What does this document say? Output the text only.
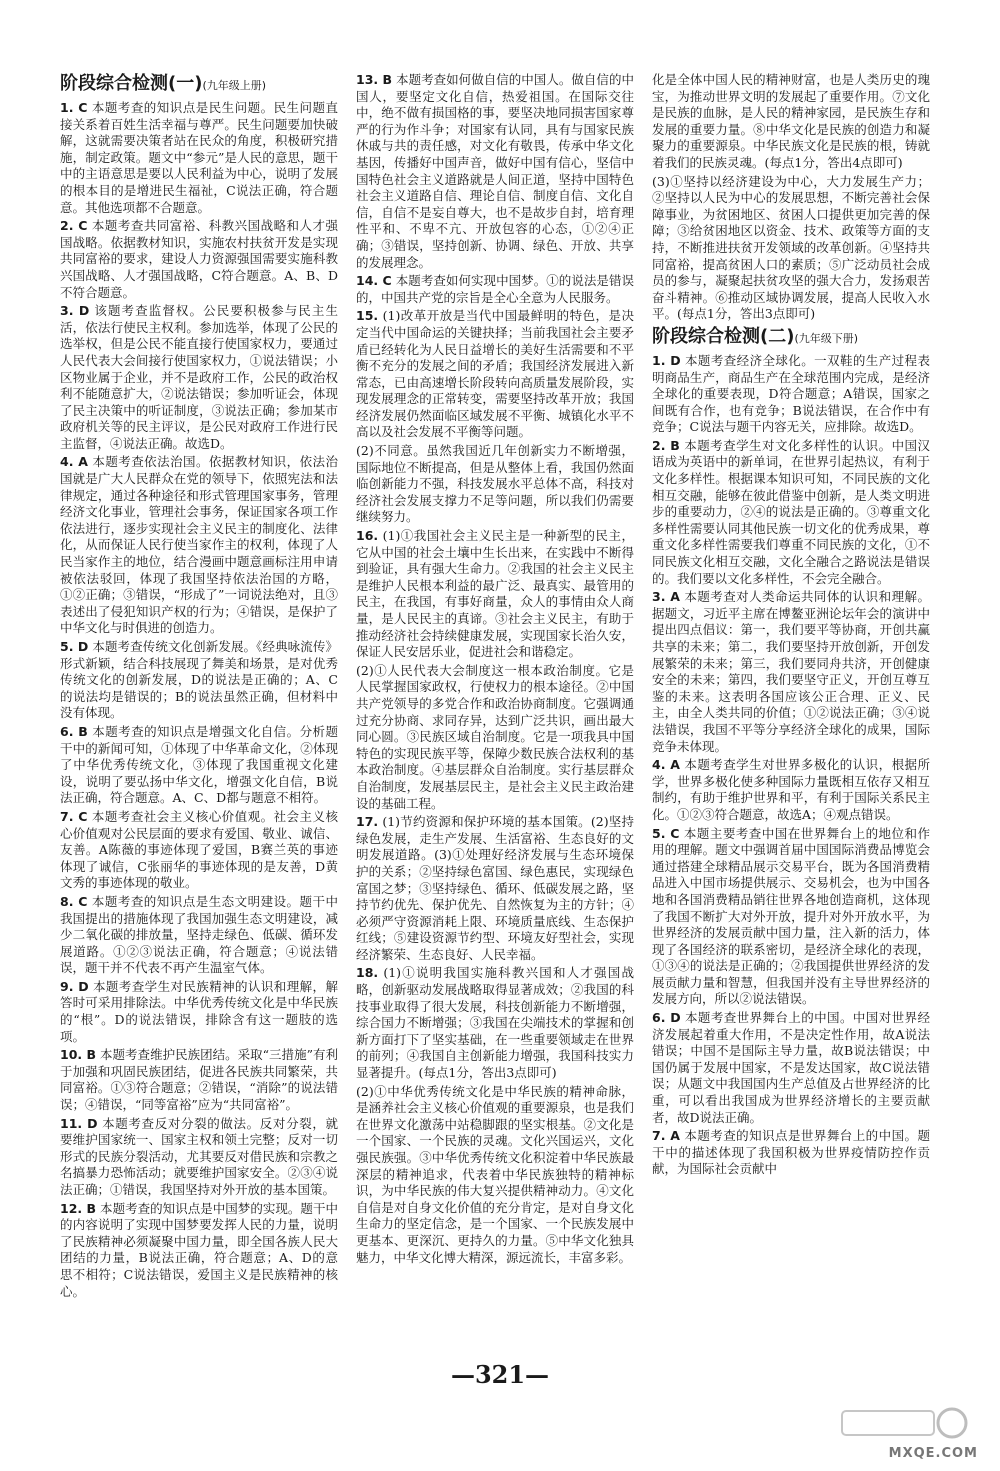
阶段综合检测(一)(九年级上册)
1. C 本题考查的知识点是民生问题。民生问题直接关系着百姓生活幸福与尊严。民生问题要加快破解，这就需要决策者站在民众的角度，积极研究措施，制定政策。题文中“参元”是人民的意思，题干中的主语意思是要以人民利益为中心，说明了发展的根本目的是增进民生福祉，C说法正确，符合题意。其他选项都不合题意。
2. C 本题考查共同富裕、科教兴国战略和人才强国战略。依据教材知识，实施农村扶贫开发是实现共同富裕的要求，建设人力资源强国需要实施科教兴国战略、人才强国战略，C符合题意。A、B、D不符合题意。
3. D 该题考查监督权。公民要积极参与民主生活，依法行使民主权利。参加选举，体现了公民的选举权，但是公民不能直接行使国家权力，要通过人民代表大会间接行使国家权力，①说法错误；小区物业属于企业，并不是政府工作，公民的政治权利不能随意扩大，②说法错误；参加听证会，体现了民主决策中的听证制度，③说法正确；参加某市政府机关等的民主评议，是公民对政府工作进行民主监督，④说法正确。故选D。
4. A 本题考查依法治国。依据教材知识，依法治国就是广大人民群众在党的领导下，依照宪法和法律规定，通过各种途径和形式管理国家事务，管理经济文化事业，管理社会事务，保证国家各项工作依法进行，逐步实现社会主义民主的制度化、法律化，从而保证人民行使当家作主的权利，体现了人民当家作主的地位，结合漫画中题意画标注用申请被依法驳回，体现了我国坚持依法治国的方略，①②正确；③错误，“形成了”一词说法绝对，且③表述出了侵犯知识产权的行为；④错误，是保护了中华文化与时俱进的创造力。
5. D 本题考查传统文化创新发展。《经典咏流传》形式新颖，结合科技展现了舞美和场景，是对优秀传统文化的创新发展，D的说法是正确的；A、C的说法均是错误的；B的说法虽然正确，但材料中没有体现。
6. B 本题考查的知识点是增强文化自信。分析题干中的新闻可知，①体现了中华革命文化，②体现了中华优秀传统文化，③体现了我国重视文化建设，说明了要弘扬中华文化，增强文化自信，B说法正确，符合题意。A、C、D都与题意不相符。
7. C 本题考查社会主义核心价值观。社会主义核心价值观对公民层面的要求有爱国、敬业、诚信、友善。A陈薇的事迹体现了爱国，B赛兰英的事迹体现了诚信，C张丽华的事迹体现的是友善，D黄文秀的事迹体现的敬业。
8. C 本题考查的知识点是生态文明建设。题干中我国提出的措施体现了我国加强生态文明建设，减少二氧化碳的排放量，坚持走绿色、低碳、循环发展道路。①②③说法正确，符合题意；④说法错误，题干并不代表不再产生温室气体。
9. D 本题考查学生对民族精神的认识和理解，解答时可采用排除法。中华优秀传统文化是中华民族的“根”。D的说法错误，排除含有这一题肢的选项。
10. B 本题考查维护民族团结。采取“三措施”有利于加强和巩固民族团结，促进各民族共同繁荣，共同富裕。①③符合题意；②错误，“消除”的说法错误；④错误，“同等富裕”应为“共同富裕”。
11. D 本题考查反对分裂的做法。反对分裂，就要维护国家统一、国家主权和领土完整；反对一切形式的民族分裂活动，尤其要反对借民族和宗教之名搞暴力恐怖活动；就要维护国家安全。②③④说法正确；①错误，我国坚持对外开放的基本国策。
12. B 本题考查的知识点是中国梦的实现。题干中的内容说明了实现中国梦要发挥人民的力量，说明了民族精神必须凝聚中国力量，即全国各族人民大团结的力量，B说法正确，符合题意；A、D的意思不相符；C说法错误，爱国主义是民族精神的核心。
13. B 本题考查如何做自信的中国人。做自信的中国人，要坚定文化自信，热爱祖国。在国际交往中，绝不做有损国格的事，要坚决地同损害国家尊严的行为作斗争；对国家有认同，具有与国家民族休戚与共的责任感，对文化有敬畏，传承中华文化基因，传播好中国声音，做好中国有信心，坚信中国特色社会主义道路就是人间正道，坚持中国特色社会主义道路自信、理论自信、制度自信、文化自信，自信不是妄自尊大，也不是故步自封，培育理性平和、不卑不亢、开放包容的心态，①②④正确；③错误，坚持创新、协调、绿色、开放、共享的发展理念。
14. C 本题考查如何实现中国梦。①的说法是错误的，中国共产党的宗旨是全心全意为人民服务。
15. (1)改革开放是当代中国最鲜明的特色，是决定当代中国命运的关键抉择；当前我国社会主要矛盾已经转化为人民日益增长的美好生活需要和不平衡不充分的发展之间的矛盾；我国经济发展进入新常态，已由高速增长阶段转向高质量发展阶段，实现发展理念的正常转变，需要坚持改革开放；我国经济发展仍然面临区域发展不平衡、城镇化水平不高以及社会发展不平衡等问题。
(2)不同意。虽然我国近几年创新实力不断增强，国际地位不断提高，但是从整体上看，我国仍然面临创新能力不强，科技发展水平总体不高，科技对经济社会发展支撑力不足等问题，所以我们仍需要继续努力。
16. (1)①我国社会主义民主是一种新型的民主，它从中国的社会土壤中生长出来，在实践中不断得到验证，具有强大生命力。②我国的社会主义民主是维护人民根本利益的最广泛、最真实、最管用的民主，在我国，有事好商量，众人的事情由众人商量，是人民民主的真谛。③社会主义民主，有助于推动经济社会持续健康发展，实现国家长治久安，保证人民安居乐业，促进社会和谐稳定。
(2)①人民代表大会制度这一根本政治制度。它是人民掌握国家政权，行使权力的根本途径。②中国共产党领导的多党合作和政治协商制度。它强调通过充分协商、求同存异，达到广泛共识，画出最大同心圆。③民族区域自治制度。它是一项我具中国特色的实现民族平等，保障少数民族合法权利的基本政治制度。④基层群众自治制度。实行基层群众自治制度，发展基层民主，是社会主义民主政治建设的基础工程。
17. (1)节约资源和保护环境的基本国策。(2)坚持绿色发展，走生产发展、生活富裕、生态良好的文明发展道路。(3)①处理好经济发展与生态环境保护的关系；②坚持绿色富国、绿色惠民，实现绿色富国之梦；③坚持绿色、循环、低碳发展之路，坚持节约优先、保护优先、自然恢复为主的方针；④必须严守资源消耗上限、环境质量底线、生态保护红线；⑤建设资源节约型、环境友好型社会，实现经济繁荣、生态良好、人民幸福。
18. (1)①说明我国实施科教兴国和人才强国战略，创新驱动发展战略取得显著成效；②我国的科技事业取得了很大发展，科技创新能力不断增强，综合国力不断增强；③我国在尖端技术的掌握和创新方面打下了坚实基础，在一些重要领域走在世界的前列；④我国自主创新能力增强，我国科技实力显著提升。(每点1分，答出3点即可)
(2)①中华优秀传统文化是中华民族的精神命脉，是涵养社会主义核心价值观的重要源泉，也是我们在世界文化激荡中站稳脚跟的坚实根基。②文化是一个国家、一个民族的灵魂。文化兴国运兴，文化强民族强。③中华优秀传统文化积淀着中华民族最深层的精神追求，代表着中华民族独特的精神标识，为中华民族的伟大复兴提供精神动力。④文化自信是对自身文化价值的充分肯定，是对自身文化生命力的坚定信念，是一个国家、一个民族发展中更基本、更深沉、更持久的力量。⑤中华文化独具魅力，中华文化博大精深，源远流长，丰富多彩。
化是全体中国人民的精神财富，也是人类历史的瑰宝，为推动世界文明的发展起了重要作用。⑦文化是民族的血脉，是人民的精神家园，是民族生存和发展的重要力量。⑧中华文化是民族的创造力和凝聚力的重要源泉。中华民族文化是民族的根，铸就着我们的民族灵魂。(每点1分，答出4点即可)
(3)①坚持以经济建设为中心，大力发展生产力；②坚持以人民为中心的发展思想，不断完善社会保障事业，为贫困地区、贫困人口提供更加完善的保障；③给贫困地区以资金、技术、政策等方面的支持，不断推进扶贫开发领域的改革创新。④坚持共同富裕，提高贫困人口的素质；⑤广泛动员社会成员的参与，凝聚起扶贫攻坚的强大合力，发扬艰苦奋斗精神。⑥推动区域协调发展，提高人民收入水平。(每点1分，答出3点即可)
阶段综合检测(二)(九年级下册)
1. D 本题考查经济全球化。一双鞋的生产过程表明商品生产，商品生产在全球范围内完成，是经济全球化的重要表现，D符合题意；A错误，国家之间既有合作，也有竞争；B说法错误，在合作中有竞争；C说法与题干内容无关，应排除。故选D。
2. B 本题考查学生对文化多样性的认识。中国汉语成为英语中的新单词，在世界引起热议，有利于文化多样性。根据课本知识可知，不同民族的文化相互交融，能够在彼此借鉴中创新，是人类文明进步的重要动力，②④的说法是正确的。③尊重文化多样性需要认同其他民族一切文化的优秀成果，尊重文化多样性需要我们尊重不同民族的文化，①不同民族文化相互交融，文化全融合之路说法是错误的。我们要以文化多样性，不会完全融合。
3. A 本题考查对人类命运共同体的认识和理解。据题文，习近平主席在博鳌亚洲论坛年会的演讲中提出四点倡议：第一，我们要平等协商，开创共赢共享的未来；第二，我们要坚持开放创新，开创发展繁荣的未来；第三，我们要同舟共济，开创健康安全的未来；第四，我们要坚守正义，开创互尊互鉴的未来。这表明各国应该公正合理、正义、民主，由全人类共同的价值；①②说法正确；③④说法错误，我国不平等分享经济全球化的成果，国际竞争未体现。
4. A 本题考查学生对世界多极化的认识，根据所学，世界多极化使多种国际力量既相互依存又相互制约，有助于维护世界和平，有利于国际关系民主化。①②③符合题意，故选A；④观点错误。
5. C 本题主要考查中国在世界舞台上的地位和作用的理解。题文中强调首届中国国际消费品博览会通过搭建全球精品展示交易平台，既为各国消费精品进入中国市场提供展示、交易机会，也为中国各地和各国消费精品销往世界各地创造商机，这体现了我国不断扩大对外开放，提升对外开放水平，为世界经济的发展贡献中国力量，注入新的活力，体现了各国经济的联系密切，是经济全球化的表现，①③④的说法是正确的；②我国提供世界经济的发展贡献力量和智慧，但我国并没有主导世界经济的发展方向，所以②说法错误。
6. D 本题考查世界舞台上的中国。中国对世界经济发展起着重大作用，不是决定性作用，故A说法错误；中国不是国际主导力量，故B说法错误；中国仍属于发展中国家，不是发达国家，故C说法错误；从题文中我国国内生产总值及占世界经济的比重，可以看出我国成为世界经济增长的主要贡献者，故D说法正确。
7. A 本题考查的知识点是世界舞台上的中国。题干中的描述体现了我国积极为世界疫情防控作贡献，为国际社会贡献中
—321—
MXQE.COM
